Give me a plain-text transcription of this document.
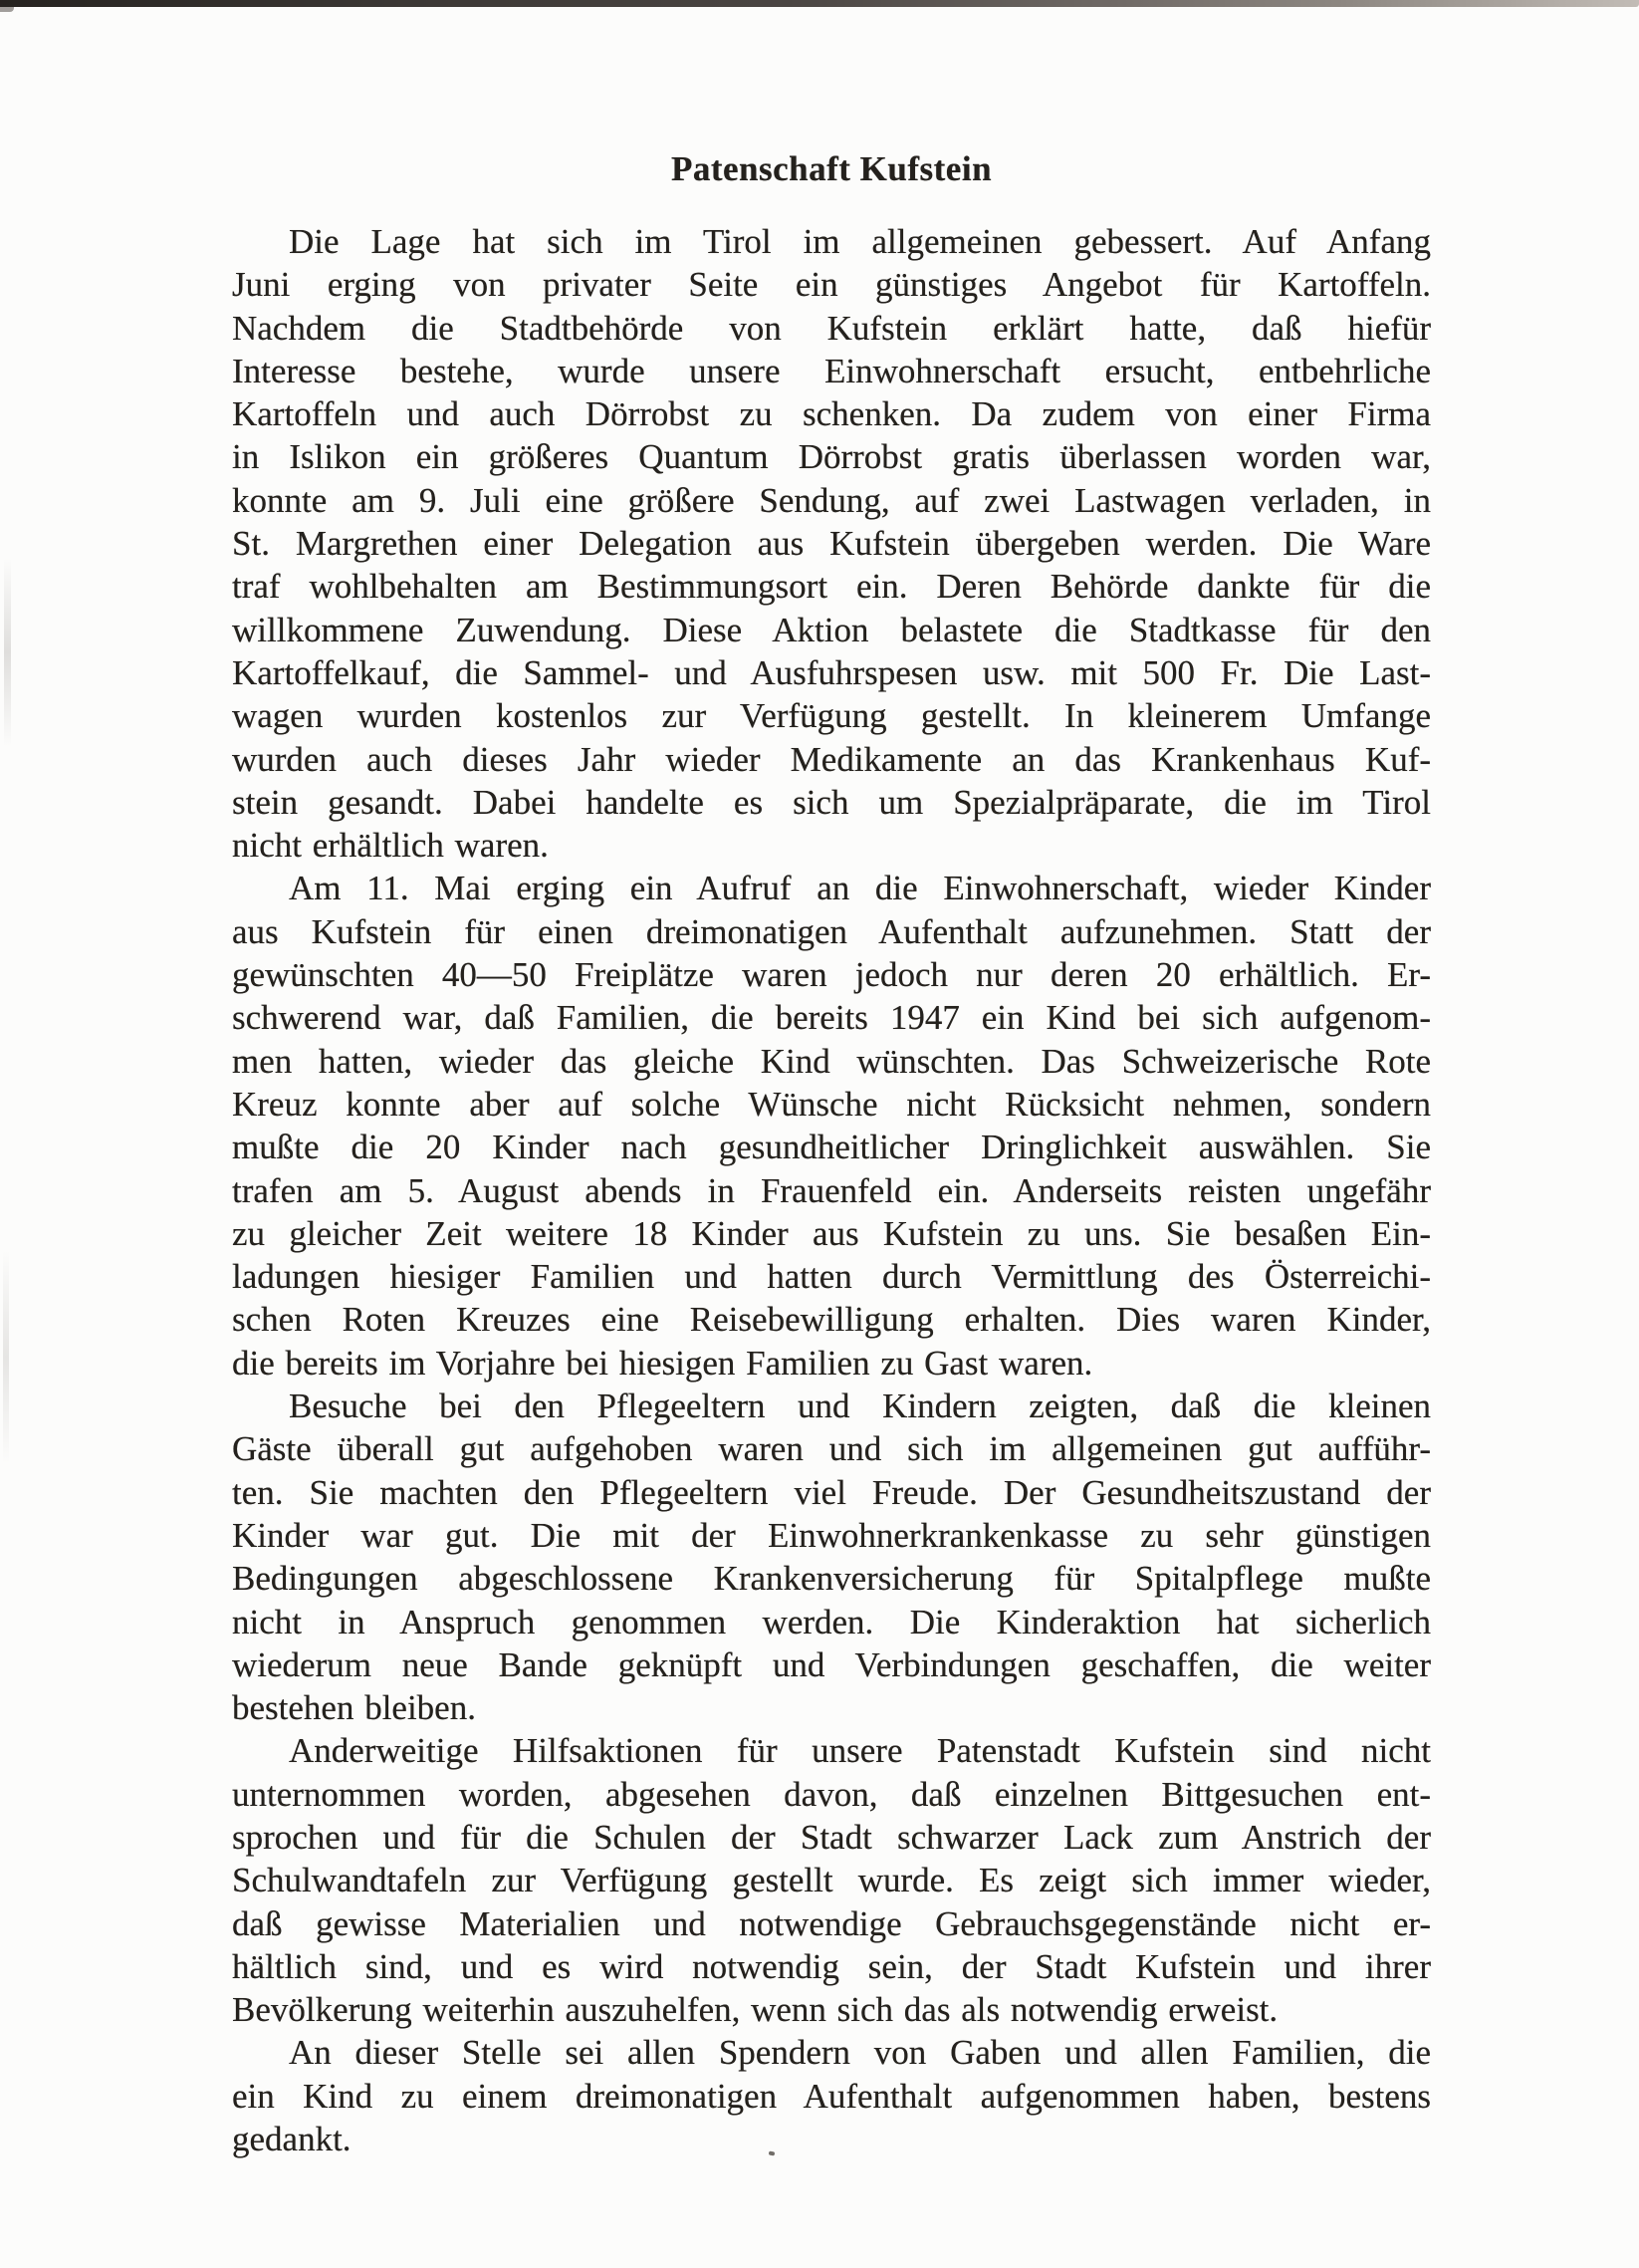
Patenschaft Kufstein
Die Lage hat sich im Tirol im allgemeinen gebessert. Auf Anfang
Juni erging von privater Seite ein günstiges Angebot für Kartoffeln.
Nachdem die Stadtbehörde von Kufstein erklärt hatte, daß hiefür
Interesse bestehe, wurde unsere Einwohnerschaft ersucht, entbehrliche
Kartoffeln und auch Dörrobst zu schenken. Da zudem von einer Firma
in Islikon ein größeres Quantum Dörrobst gratis überlassen worden war,
konnte am 9. Juli eine größere Sendung, auf zwei Lastwagen verladen, in
St. Margrethen einer Delegation aus Kufstein übergeben werden. Die Ware
traf wohlbehalten am Bestimmungsort ein. Deren Behörde dankte für die
willkommene Zuwendung. Diese Aktion belastete die Stadtkasse für den
Kartoffelkauf, die Sammel- und Ausfuhrspesen usw. mit 500 Fr. Die Last-
wagen wurden kostenlos zur Verfügung gestellt. In kleinerem Umfange
wurden auch dieses Jahr wieder Medikamente an das Krankenhaus Kuf-
stein gesandt. Dabei handelte es sich um Spezialpräparate, die im Tirol
nicht erhältlich waren.
Am 11. Mai erging ein Aufruf an die Einwohnerschaft, wieder Kinder
aus Kufstein für einen dreimonatigen Aufenthalt aufzunehmen. Statt der
gewünschten 40—50 Freiplätze waren jedoch nur deren 20 erhältlich. Er-
schwerend war, daß Familien, die bereits 1947 ein Kind bei sich aufgenom-
men hatten, wieder das gleiche Kind wünschten. Das Schweizerische Rote
Kreuz konnte aber auf solche Wünsche nicht Rücksicht nehmen, sondern
mußte die 20 Kinder nach gesundheitlicher Dringlichkeit auswählen. Sie
trafen am 5. August abends in Frauenfeld ein. Anderseits reisten ungefähr
zu gleicher Zeit weitere 18 Kinder aus Kufstein zu uns. Sie besaßen Ein-
ladungen hiesiger Familien und hatten durch Vermittlung des Österreichi-
schen Roten Kreuzes eine Reisebewilligung erhalten. Dies waren Kinder,
die bereits im Vorjahre bei hiesigen Familien zu Gast waren.
Besuche bei den Pflegeeltern und Kindern zeigten, daß die kleinen
Gäste überall gut aufgehoben waren und sich im allgemeinen gut aufführ-
ten. Sie machten den Pflegeeltern viel Freude. Der Gesundheitszustand der
Kinder war gut. Die mit der Einwohnerkrankenkasse zu sehr günstigen
Bedingungen abgeschlossene Krankenversicherung für Spitalpflege mußte
nicht in Anspruch genommen werden. Die Kinderaktion hat sicherlich
wiederum neue Bande geknüpft und Verbindungen geschaffen, die weiter
bestehen bleiben.
Anderweitige Hilfsaktionen für unsere Patenstadt Kufstein sind nicht
unternommen worden, abgesehen davon, daß einzelnen Bittgesuchen ent-
sprochen und für die Schulen der Stadt schwarzer Lack zum Anstrich der
Schulwandtafeln zur Verfügung gestellt wurde. Es zeigt sich immer wieder,
daß gewisse Materialien und notwendige Gebrauchsgegenstände nicht er-
hältlich sind, und es wird notwendig sein, der Stadt Kufstein und ihrer
Bevölkerung weiterhin auszuhelfen, wenn sich das als notwendig erweist.
An dieser Stelle sei allen Spendern von Gaben und allen Familien, die
ein Kind zu einem dreimonatigen Aufenthalt aufgenommen haben, bestens
gedankt.
